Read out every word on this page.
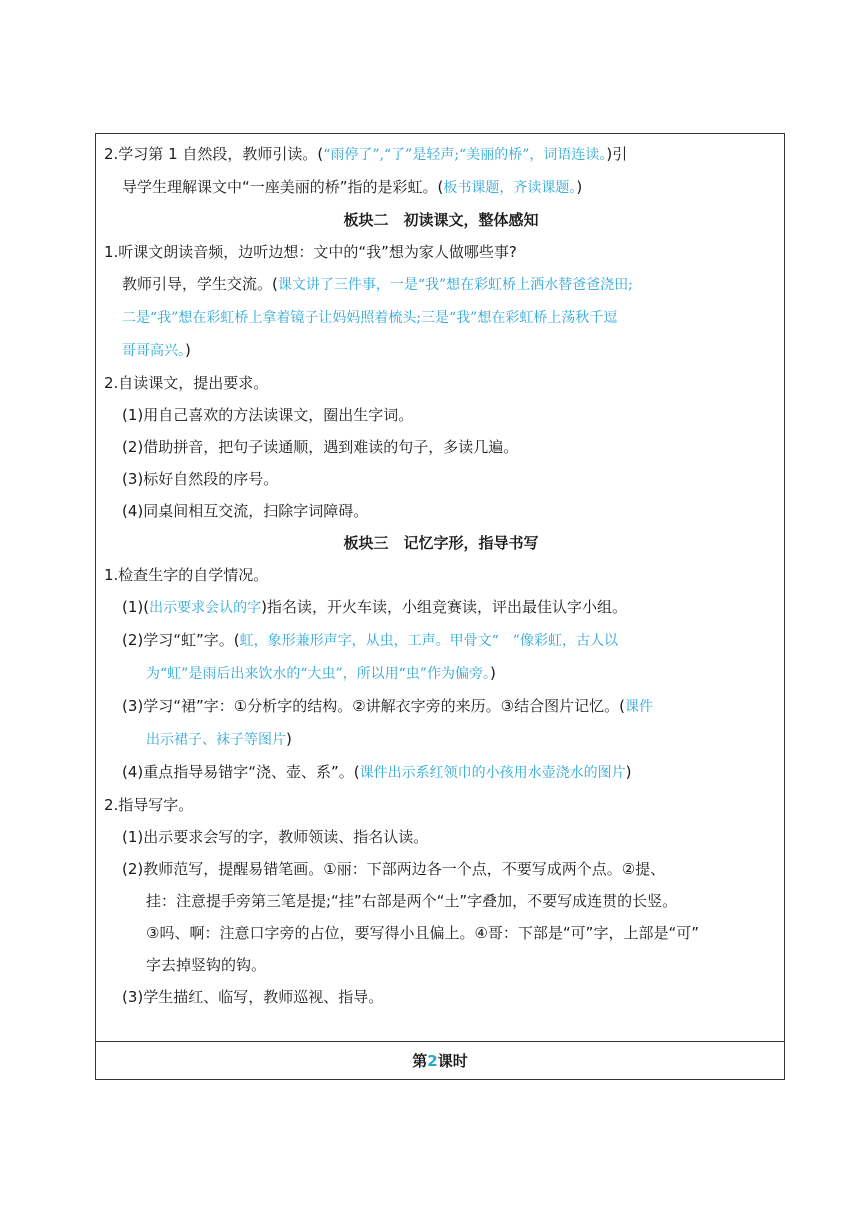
2.学习第 1 自然段，教师引读。(“雨停了”,“了”是轻声;“美丽的桥”，词语连读。)引

导学生理解课文中“一座美丽的桥”指的是彩虹。(板书课题，齐读课题。)

板块二　初读课文，整体感知

1.听课文朗读音频，边听边想：文中的“我”想为家人做哪些事?

教师引导，学生交流。(课文讲了三件事，一是“我”想在彩虹桥上洒水替爸爸浇田;

二是“我”想在彩虹桥上拿着镜子让妈妈照着梳头;三是“我”想在彩虹桥上荡秋千逗

哥哥高兴。)

2.自读课文，提出要求。

(1)用自己喜欢的方法读课文，圈出生字词。

(2)借助拼音，把句子读通顺，遇到难读的句子，多读几遍。

(3)标好自然段的序号。

(4)同桌间相互交流，扫除字词障碍。

板块三　记忆字形，指导书写

1.检查生字的自学情况。

(1)(出示要求会认的字)指名读，开火车读，小组竞赛读，评出最佳认字小组。

(2)学习“虹”字。(虹，象形兼形声字，从虫，工声。甲骨文“　”像彩虹，古人以

为“虹”是雨后出来饮水的“大虫”，所以用“虫”作为偏旁。)

(3)学习“裙”字：①分析字的结构。②讲解衣字旁的来历。③结合图片记忆。(课件

出示裙子、袜子等图片)

(4)重点指导易错字“浇、壶、系”。(课件出示系红领巾的小孩用水壶浇水的图片)

2.指导写字。

(1)出示要求会写的字，教师领读、指名认读。

(2)教师范写，提醒易错笔画。①丽：下部两边各一个点，不要写成两个点。②提、

挂：注意提手旁第三笔是提;“挂”右部是两个“土”字叠加，不要写成连贯的长竖。

③吗、啊：注意口字旁的占位，要写得小且偏上。④哥：下部是“可”字，上部是“可”

字去掉竖钩的钩。

(3)学生描红、临写，教师巡视、指导。

第2课时
